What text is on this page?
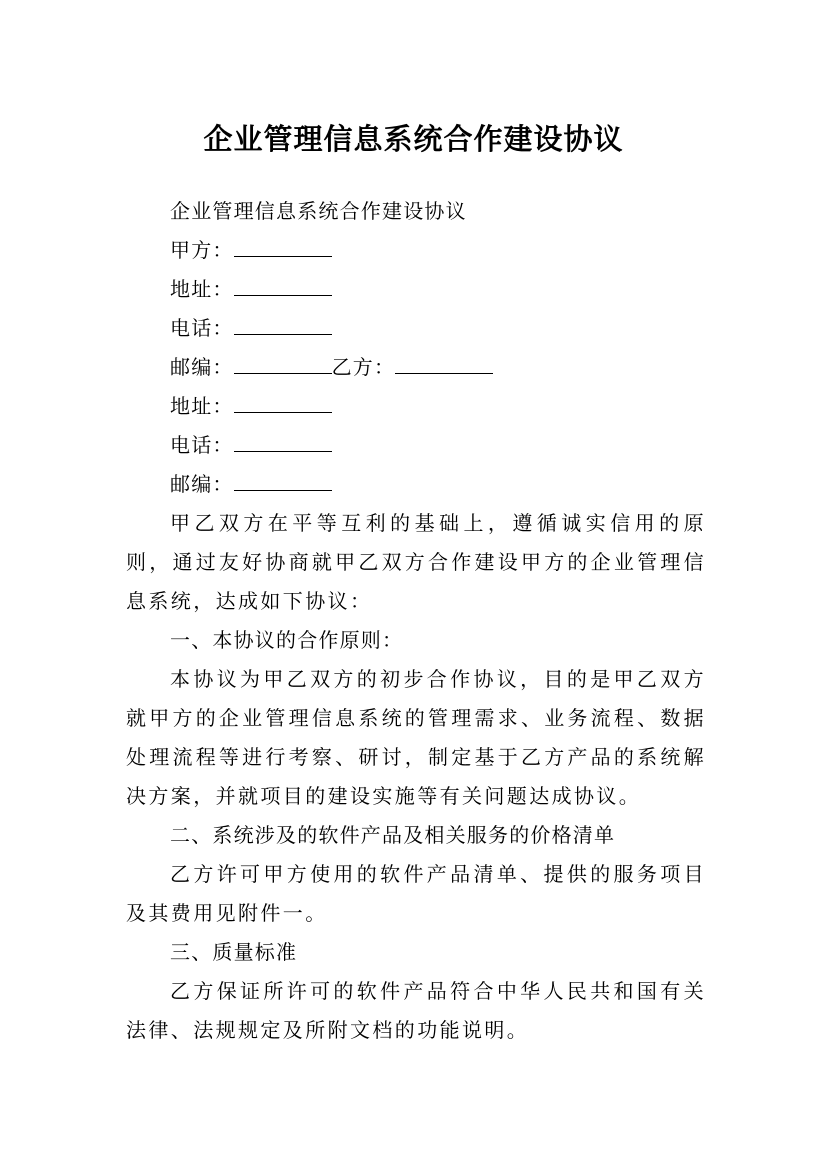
企业管理信息系统合作建设协议

企业管理信息系统合作建设协议

甲方：

地址：

电话：

邮编：	乙方：

地址：

电话：

邮编：

甲乙双方在平等互利的基础上，遵循诚实信用的原则，通过友好协商就甲乙双方合作建设甲方的企业管理信息系统，达成如下协议：

一、本协议的合作原则：

本协议为甲乙双方的初步合作协议，目的是甲乙双方就甲方的企业管理信息系统的管理需求、业务流程、数据处理流程等进行考察、研讨，制定基于乙方产品的系统解决方案，并就项目的建设实施等有关问题达成协议。

二、系统涉及的软件产品及相关服务的价格清单

乙方许可甲方使用的软件产品清单、提供的服务项目及其费用见附件一。

三、质量标准

乙方保证所许可的软件产品符合中华人民共和国有关法律、法规规定及所附文档的功能说明。
